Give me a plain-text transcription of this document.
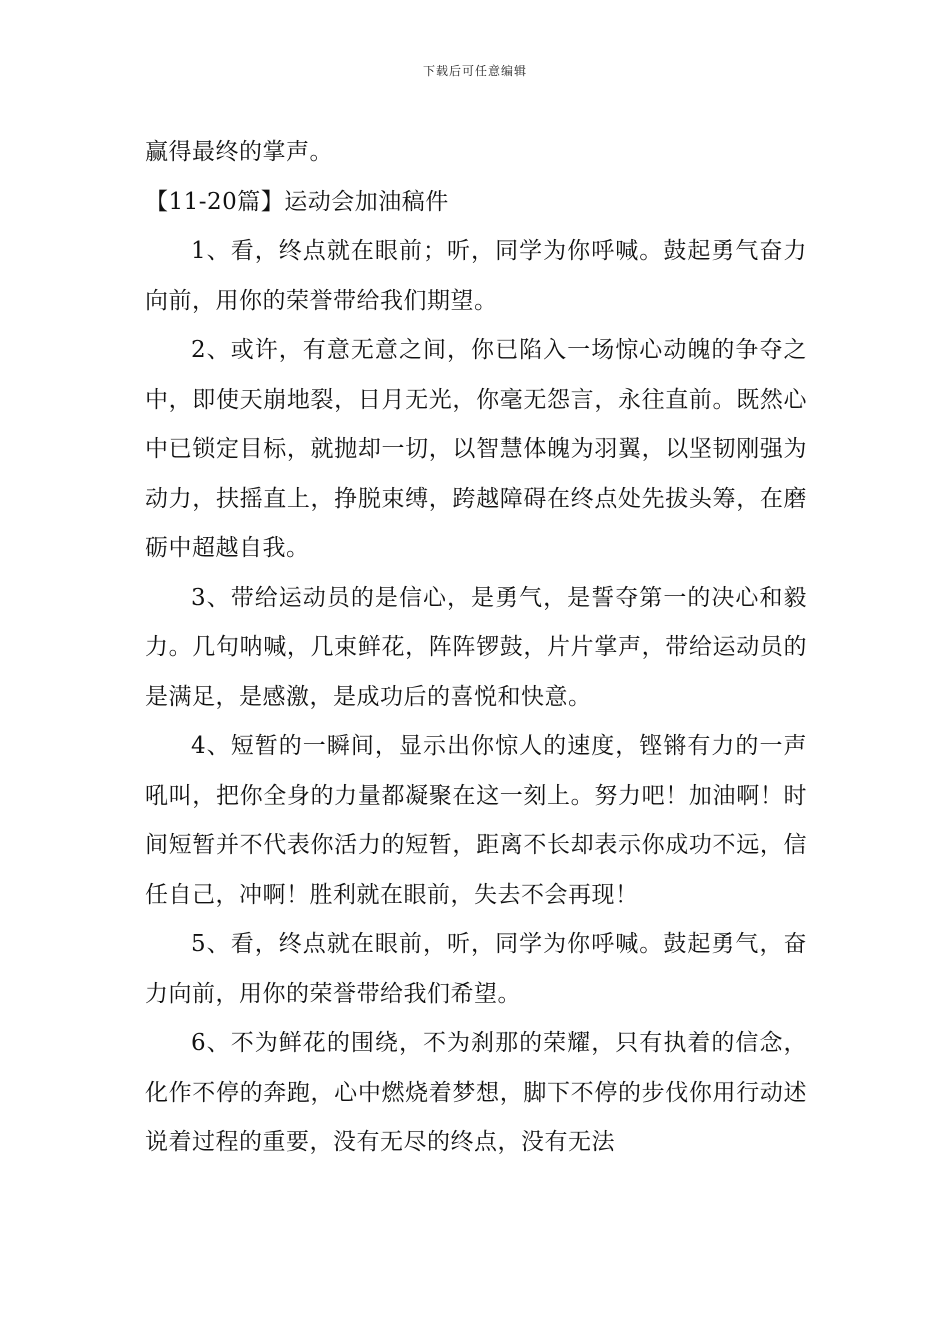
下载后可任意编辑

赢得最终的掌声。

【11-20篇】运动会加油稿件

1、看，终点就在眼前；听，同学为你呼喊。鼓起勇气奋力向前，用你的荣誉带给我们期望。

2、或许，有意无意之间，你已陷入一场惊心动魄的争夺之中，即使天崩地裂，日月无光，你毫无怨言，永往直前。既然心中已锁定目标，就抛却一切，以智慧体魄为羽翼，以坚韧刚强为动力，扶摇直上，挣脱束缚，跨越障碍在终点处先拔头筹，在磨砺中超越自我。

3、带给运动员的是信心，是勇气，是誓夺第一的决心和毅力。几句呐喊，几束鲜花，阵阵锣鼓，片片掌声，带给运动员的是满足，是感激，是成功后的喜悦和快意。

4、短暂的一瞬间，显示出你惊人的速度，铿锵有力的一声吼叫，把你全身的力量都凝聚在这一刻上。努力吧！加油啊！时间短暂并不代表你活力的短暂，距离不长却表示你成功不远，信任自己，冲啊！胜利就在眼前，失去不会再现！

5、看，终点就在眼前，听，同学为你呼喊。鼓起勇气，奋力向前，用你的荣誉带给我们希望。

6、不为鲜花的围绕，不为刹那的荣耀，只有执着的信念，化作不停的奔跑，心中燃烧着梦想，脚下不停的步伐你用行动述说着过程的重要，没有无尽的终点，没有无法
